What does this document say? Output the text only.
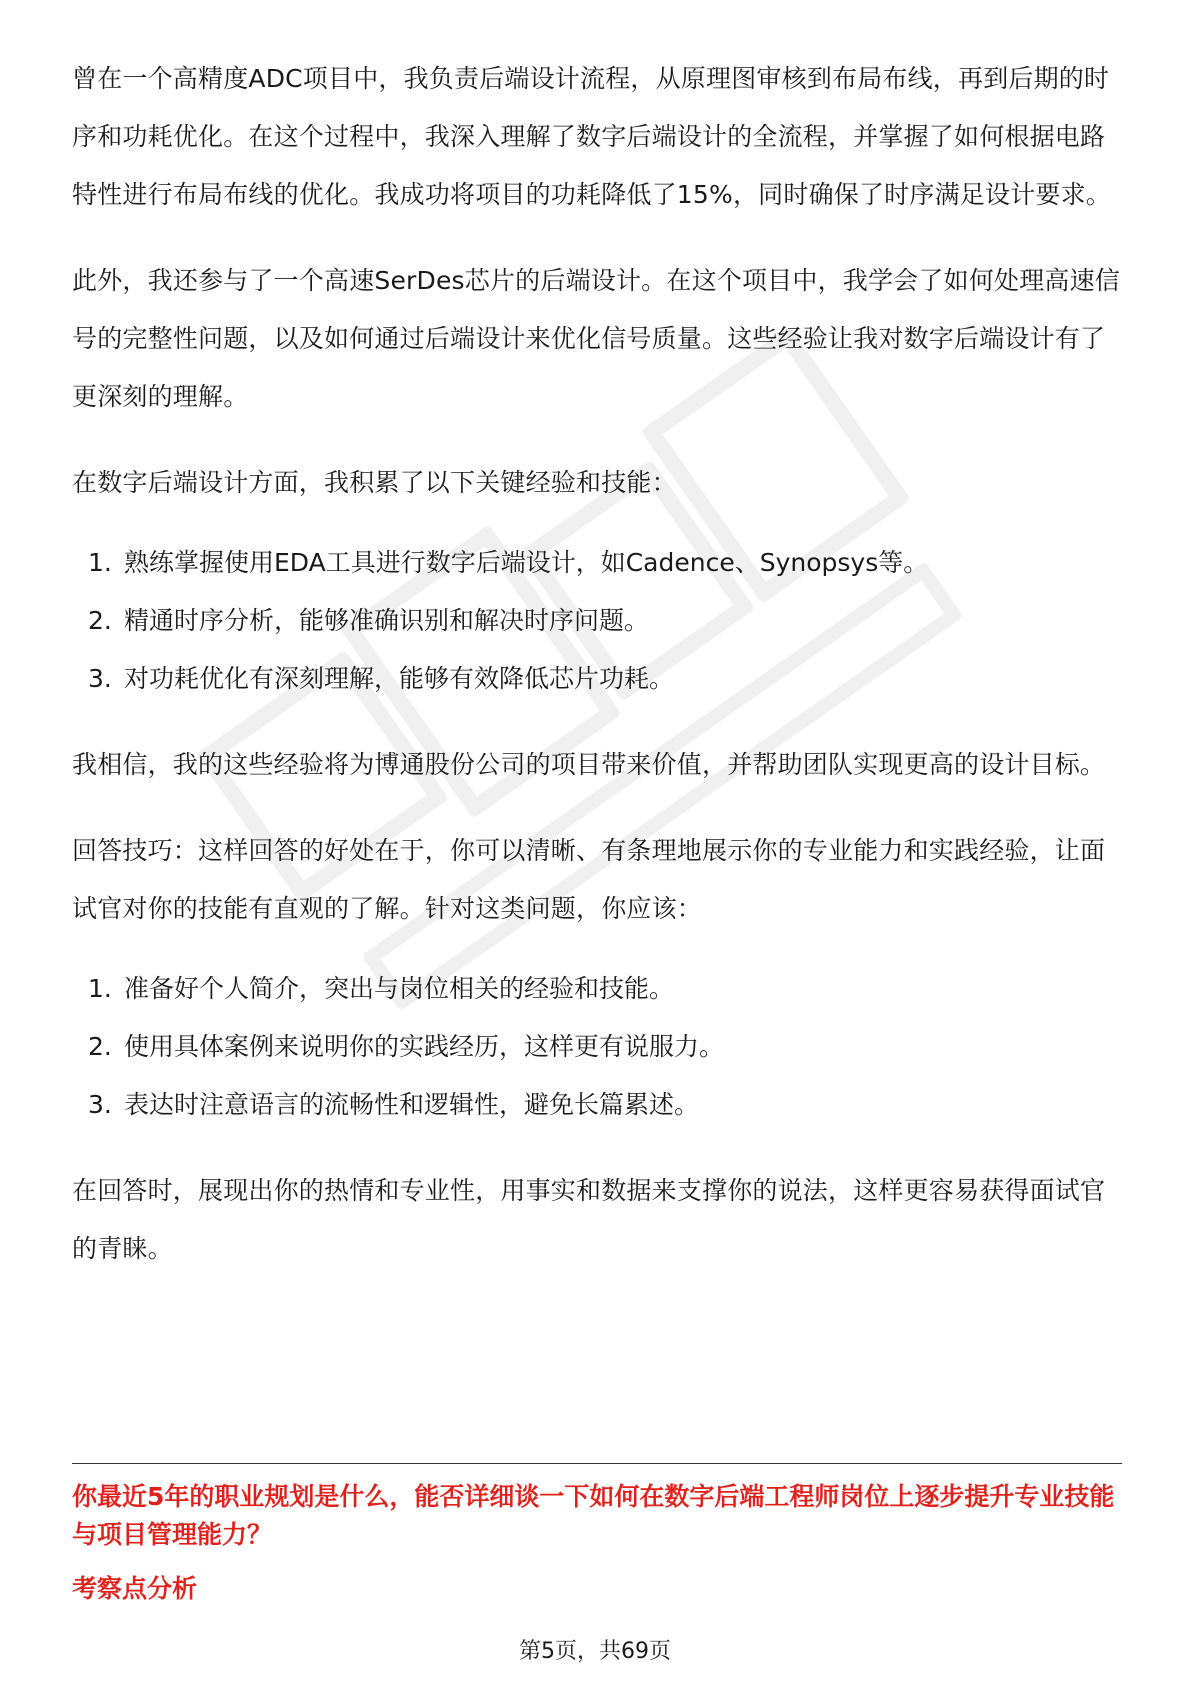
曾在一个高精度ADC项目中，我负责后端设计流程，从原理图审核到布局布线，再到后期的时序和功耗优化。在这个过程中，我深入理解了数字后端设计的全流程，并掌握了如何根据电路特性进行布局布线的优化。我成功将项目的功耗降低了15%，同时确保了时序满足设计要求。

此外，我还参与了一个高速SerDes芯片的后端设计。在这个项目中，我学会了如何处理高速信号的完整性问题，以及如何通过后端设计来优化信号质量。这些经验让我对数字后端设计有了更深刻的理解。

在数字后端设计方面，我积累了以下关键经验和技能：

1. 熟练掌握使用EDA工具进行数字后端设计，如Cadence、Synopsys等。
2. 精通时序分析，能够准确识别和解决时序问题。
3. 对功耗优化有深刻理解，能够有效降低芯片功耗。

我相信，我的这些经验将为博通股份公司的项目带来价值，并帮助团队实现更高的设计目标。

回答技巧：这样回答的好处在于，你可以清晰、有条理地展示你的专业能力和实践经验，让面试官对你的技能有直观的了解。针对这类问题，你应该：

1. 准备好个人简介，突出与岗位相关的经验和技能。
2. 使用具体案例来说明你的实践经历，这样更有说服力。
3. 表达时注意语言的流畅性和逻辑性，避免长篇累述。

在回答时，展现出你的热情和专业性，用事实和数据来支撑你的说法，这样更容易获得面试官的青睐。

你最近5年的职业规划是什么，能否详细谈一下如何在数字后端工程师岗位上逐步提升专业技能与项目管理能力？

考察点分析

第5页，共69页
